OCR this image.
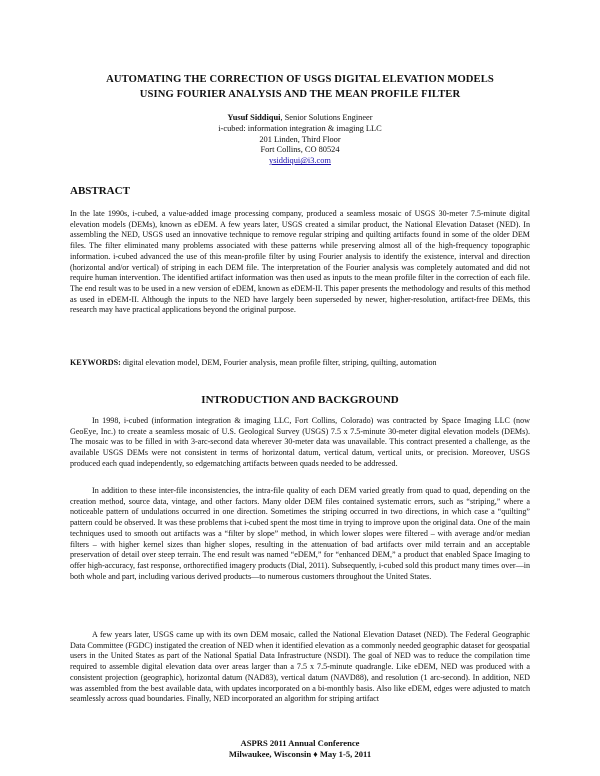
AUTOMATING THE CORRECTION OF USGS DIGITAL ELEVATION MODELS
USING FOURIER ANALYSIS AND THE MEAN PROFILE FILTER
Yusuf Siddiqui, Senior Solutions Engineer
i-cubed: information integration & imaging LLC
201 Linden, Third Floor
Fort Collins, CO 80524
ysiddiqui@i3.com
ABSTRACT

In the late 1990s, i-cubed, a value-added image processing company, produced a seamless mosaic of USGS 30-meter 7.5-minute digital elevation models (DEMs), known as eDEM. A few years later, USGS created a similar product, the National Elevation Dataset (NED). In assembling the NED, USGS used an innovative technique to remove regular striping and quilting artifacts found in some of the older DEM files. The filter eliminated many problems associated with these patterns while preserving almost all of the high-frequency topographic information. i-cubed advanced the use of this mean-profile filter by using Fourier analysis to identify the existence, interval and direction (horizontal and/or vertical) of striping in each DEM file. The interpretation of the Fourier analysis was completely automated and did not require human intervention. The identified artifact information was then used as inputs to the mean profile filter in the correction of each file. The end result was to be used in a new version of eDEM, known as eDEM-II. This paper presents the methodology and results of this method as used in eDEM-II. Although the inputs to the NED have largely been superseded by newer, higher-resolution, artifact-free DEMs, this research may have practical applications beyond the original purpose.

KEYWORDS: digital elevation model, DEM, Fourier analysis, mean profile filter, striping, quilting, automation

INTRODUCTION AND BACKGROUND

In 1998, i-cubed (information integration & imaging LLC, Fort Collins, Colorado) was contracted by Space Imaging LLC (now GeoEye, Inc.) to create a seamless mosaic of U.S. Geological Survey (USGS) 7.5 x 7.5-minute 30-meter digital elevation models (DEMs). The mosaic was to be filled in with 3-arc-second data wherever 30-meter data was unavailable. This contract presented a challenge, as the available USGS DEMs were not consistent in terms of horizontal datum, vertical datum, vertical units, or precision. Moreover, USGS produced each quad independently, so edgematching artifacts between quads needed to be addressed.

In addition to these inter-file inconsistencies, the intra-file quality of each DEM varied greatly from quad to quad, depending on the creation method, source data, vintage, and other factors. Many older DEM files contained systematic errors, such as “striping,” where a noticeable pattern of undulations occurred in one direction. Sometimes the striping occurred in two directions, in which case a “quilting” pattern could be observed. It was these problems that i-cubed spent the most time in trying to improve upon the original data. One of the main techniques used to smooth out artifacts was a “filter by slope” method, in which lower slopes were filtered – with average and/or median filters – with higher kernel sizes than higher slopes, resulting in the attenuation of bad artifacts over mild terrain and an acceptable preservation of detail over steep terrain. The end result was named “eDEM,” for “enhanced DEM,” a product that enabled Space Imaging to offer high-accuracy, fast response, orthorectified imagery products (Dial, 2011). Subsequently, i-cubed sold this product many times over—in both whole and part, including various derived products—to numerous customers throughout the United States.

A few years later, USGS came up with its own DEM mosaic, called the National Elevation Dataset (NED). The Federal Geographic Data Committee (FGDC) instigated the creation of NED when it identified elevation as a commonly needed geographic dataset for geospatial users in the United States as part of the National Spatial Data Infrastructure (NSDI). The goal of NED was to reduce the compilation time required to assemble digital elevation data over areas larger than a 7.5 x 7.5-minute quadrangle. Like eDEM, NED was produced with a consistent projection (geographic), horizontal datum (NAD83), vertical datum (NAVD88), and resolution (1 arc-second). In addition, NED was assembled from the best available data, with updates incorporated on a bi-monthly basis. Also like eDEM, edges were adjusted to match seamlessly across quad boundaries. Finally, NED incorporated an algorithm for striping artifact

ASPRS 2011 Annual Conference
Milwaukee, Wisconsin ♦ May 1-5, 2011
